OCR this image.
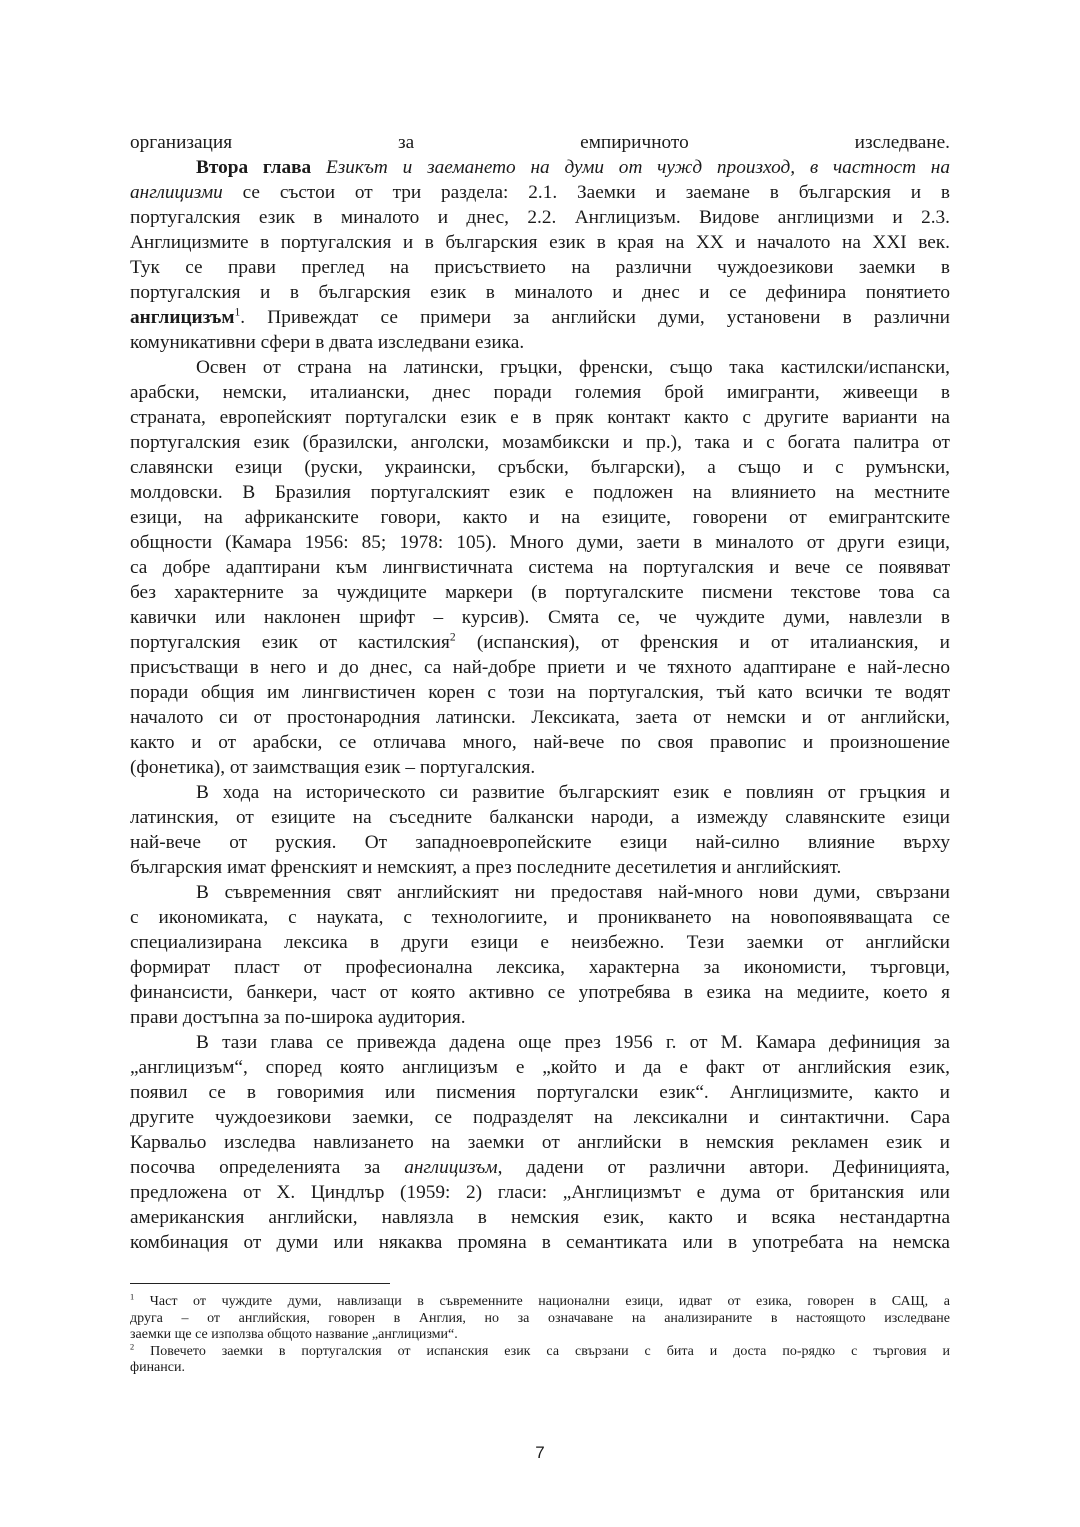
организация за емпиричното изследване.
Втора глава Езикът и заемането на думи от чужд произход, в частност на
англицизми се състои от три раздела: 2.1. Заемки и заемане в българския и в
португалския език в миналото и днес, 2.2. Англицизъм. Видове англицизми и 2.3.
Англицизмите в португалския и в българския език в края на XX и началото на XXI век.
Тук се прави преглед на присъствието на различни чуждоезикови заемки в
португалския и в българския език в миналото и днес и се дефинира понятието
англицизъм$^1$. Привеждат се примери за английски думи, установени в различни
комуникативни сфери в двата изследвани езика.
Освен от страна на латински, гръцки, френски, също така кастилски/испански,
арабски, немски, италиански, днес поради големия брой имигранти, живеещи в
страната, европейският португалски език е в пряк контакт както с другите варианти на
португалския език (бразилски, анголски, мозамбикски и пр.), така и с богата палитра от
славянски езици (руски, украински, сръбски, български), а също и с румънски,
молдовски. В Бразилия португалският език е подложен на влиянието на местните
езици, на африканските говори, както и на езиците, говорени от емигрантските
общности (Камара 1956: 85; 1978: 105). Много думи, заети в миналото от други езици,
са добре адаптирани към лингвистичната система на португалския и вече се появяват
без характерните за чуждиците маркери (в португалските писмени текстове това са
кавички или наклонен шрифт – курсив). Смята се, че чуждите думи, навлезли в
португалския език от кастилския$^2$ (испанския), от френския и от италианския, и
присъстващи в него и до днес, са най-добре приети и че тяхното адаптиране е най-лесно
поради общия им лингвистичен корен с този на португалския, тъй като всички те водят
началото си от простонародния латински. Лексиката, заета от немски и от английски,
както и от арабски, се отличава много, най-вече по своя правопис и произношение
(фонетика), от заимстващия език – португалския.
В хода на историческото си развитие българският език е повлиян от гръцкия и
латинския, от езиците на съседните балкански народи, а измежду славянските езици
най-вече от руския. От западноевропейските езици най-силно влияние върху
българския имат френският и немският, а през последните десетилетия и английският.
В съвременния свят английският ни предоставя най-много нови думи, свързани
с икономиката, с науката, с технологиите, и проникването на новопоявяващата се
специализирана лексика в други езици е неизбежно. Тези заемки от английски
формират пласт от професионална лексика, характерна за икономисти, търговци,
финансисти, банкери, част от която активно се употребява в езика на медиите, което я
прави достъпна за по-широка аудитория.
В тази глава се привежда дадена още през 1956 г. от М. Камара дефиниция за
„англицизъм“, според която англицизъм е „който и да е факт от английския език,
появил се в говоримия или писмения португалски език“. Англицизмите, както и
другите чуждоезикови заемки, се подразделят на лексикални и синтактични. Сара
Карвальо изследва навлизането на заемки от английски в немския рекламен език и
посочва определенията за англицизъм, дадени от различни автори. Дефиницията,
предложена от Х. Циндлър (1959: 2) гласи: „Англицизмът е дума от британския или
американския английски, навлязла в немския език, както и всяка нестандартна
комбинация от думи или някаква промяна в семантиката или в употребата на немска
$^1$ Част от чуждите думи, навлизащи в съвременните национални езици, идват от езика, говорен в САЩ, а
друга – от английския, говорен в Англия, но за означаване на анализираните в настоящото изследване
заемки ще се използва общото название „англицизми“.
$^2$ Повечето заемки в португалския от испанския език са свързани с бита и доста по-рядко с търговия и
финанси.
7
